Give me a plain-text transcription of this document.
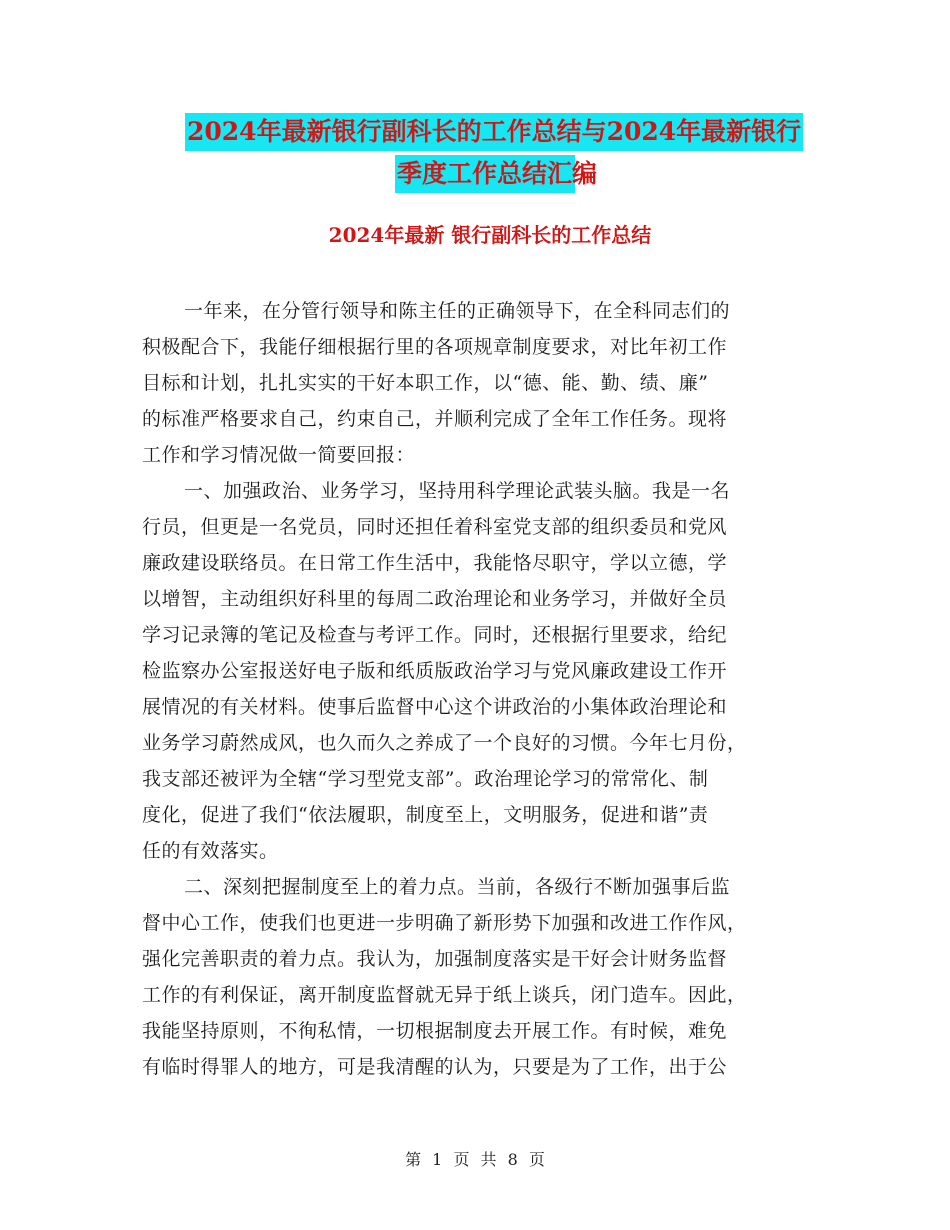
2024年最新银行副科长的工作总结与2024年最新银行
季度工作总结汇编
2024年最新 银行副科长的工作总结
一年来，在分管行领导和陈主任的正确领导下，在全科同志们的
积极配合下，我能仔细根据行里的各项规章制度要求，对比年初工作
目标和计划，扎扎实实的干好本职工作，以“德、能、勤、绩、廉”
的标准严格要求自己，约束自己，并顺利完成了全年工作任务。现将
工作和学习情况做一简要回报：
一、加强政治、业务学习，坚持用科学理论武装头脑。我是一名
行员，但更是一名党员，同时还担任着科室党支部的组织委员和党风
廉政建设联络员。在日常工作生活中，我能恪尽职守，学以立德，学
以增智，主动组织好科里的每周二政治理论和业务学习，并做好全员
学习记录簿的笔记及检查与考评工作。同时，还根据行里要求，给纪
检监察办公室报送好电子版和纸质版政治学习与党风廉政建设工作开
展情况的有关材料。使事后监督中心这个讲政治的小集体政治理论和
业务学习蔚然成风，也久而久之养成了一个良好的习惯。今年七月份，
我支部还被评为全辖“学习型党支部”。政治理论学习的常常化、制
度化，促进了我们“依法履职，制度至上，文明服务，促进和谐”责
任的有效落实。
二、深刻把握制度至上的着力点。当前，各级行不断加强事后监
督中心工作，使我们也更进一步明确了新形势下加强和改进工作作风，
强化完善职责的着力点。我认为，加强制度落实是干好会计财务监督
工作的有利保证，离开制度监督就无异于纸上谈兵，闭门造车。因此，
我能坚持原则，不徇私情，一切根据制度去开展工作。有时候，难免
有临时得罪人的地方，可是我清醒的认为，只要是为了工作，出于公
第 1 页 共 8 页
